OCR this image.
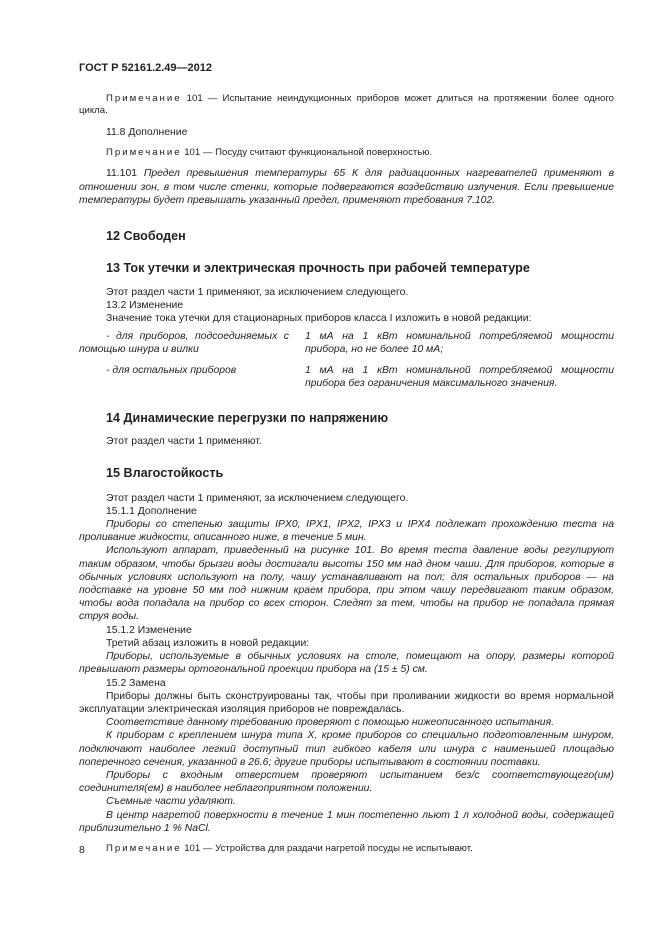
ГОСТ Р 52161.2.49—2012

Примечание 101 — Испытание неиндукционных приборов может длиться на протяжении более одного цикла.

11.8 Дополнение

Примечание 101 — Посуду считают функциональной поверхностью.

11.101 Предел превышения температуры 65 К для радиационных нагревателей применяют в отношении зон, в том числе стенки, которые подвергаются воздействию излучения. Если превышение температуры будет превышать указанный предел, применяют требования 7.102.

12 Свободен
13 Ток утечки и электрическая прочность при рабочей температуре

Этот раздел части 1 применяют, за исключением следующего.

13.2 Изменение

Значение тока утечки для стационарных приборов класса I изложить в новой редакции:

- для приборов, подсоединяемых с помощью шнура и вилки
1 мА на 1 кВт номинальной потребляемой мощности прибора, но не более 10 мА;
- для остальных приборов	1 мА на 1 кВт номинальной потребляемой мощности прибора без ограничения максимального значения.
14 Динамические перегрузки по напряжению

Этот раздел части 1 применяют.

15 Влагостойкость

Этот раздел части 1 применяют, за исключением следующего.

15.1.1 Дополнение

Приборы со степенью защиты IPX0, IPX1, IPX2, IPX3 и IPX4 подлежат прохождению теста на проливание жидкости, описанного ниже, в течение 5 мин.

Используют аппарат, приведенный на рисунке 101. Во время теста давление воды регулируют таким образом, чтобы брызги воды достигали высоты 150 мм над дном чаши. Для приборов, которые в обычных условиях используют на полу, чашу устанавливают на пол; для остальных приборов — на подставке на уровне 50 мм под нижним краем прибора, при этом чашу передвигают таким образом, чтобы вода попадала на прибор со всех сторон. Следят за тем, чтобы на прибор не попадала прямая струя воды.

15.1.2 Изменение

Третий абзац изложить в новой редакции:

Приборы, используемые в обычных условиях на столе, помещают на опору, размеры которой превышают размеры ортогональной проекции прибора на (15 ± 5) см.

15.2 Замена

Приборы должны быть сконструированы так, чтобы при проливании жидкости во время нормальной эксплуатации электрическая изоляция приборов не повреждалась.

Соответствие данному требованию проверяют с помощью нижеописанного испытания.

К приборам с креплением шнура типа X, кроме приборов со специально подготовленным шнуром, подключают наиболее легкий доступный тип гибкого кабеля или шнура с наименьшей площадью поперечного сечения, указанной в 26.6; другие приборы испытывают в состоянии поставки.

Приборы с входным отверстием проверяют испытанием без/с соответствующего(им) соединителя(ем) в наиболее неблагоприятном положении.

Съемные части удаляют.

В центр нагретой поверхности в течение 1 мин постепенно льют 1 л холодной воды, содержащей приблизительно 1 % NaCl.

Примечание 101 — Устройства для раздачи нагретой посуды не испытывают.

8
